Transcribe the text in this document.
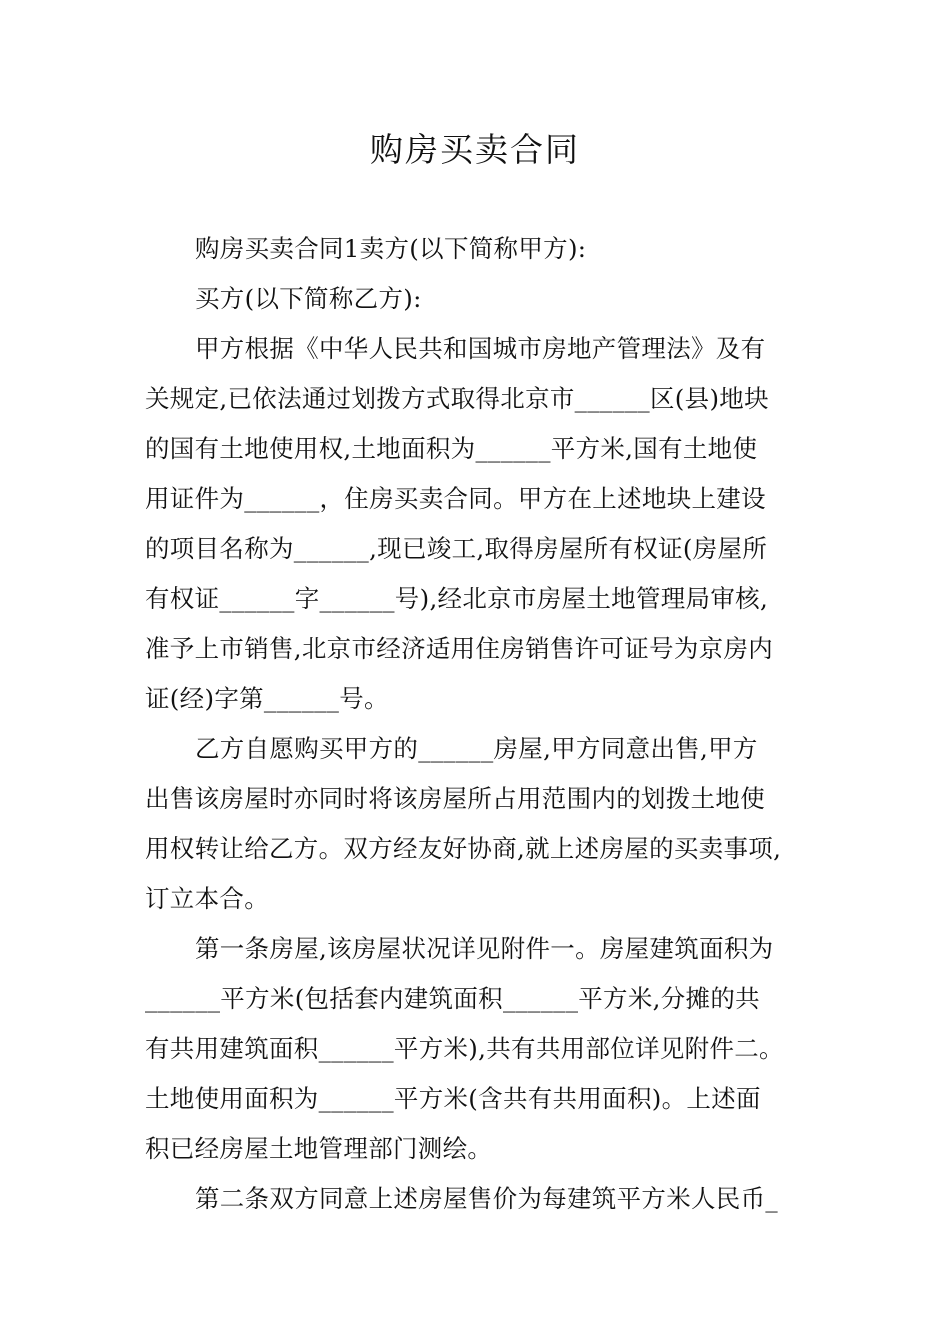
购房买卖合同
购房买卖合同1卖方(以下简称甲方):
买方(以下简称乙方):
甲方根据《中华人民共和国城市房地产管理法》及有
关规定,已依法通过划拨方式取得北京市______区(县)地块
的国有土地使用权,土地面积为______平方米,国有土地使
用证件为______，住房买卖合同。甲方在上述地块上建设
的项目名称为______,现已竣工,取得房屋所有权证(房屋所
有权证______字______号),经北京市房屋土地管理局审核,
准予上市销售,北京市经济适用住房销售许可证号为京房内
证(经)字第______号。
乙方自愿购买甲方的______房屋,甲方同意出售,甲方
出售该房屋时亦同时将该房屋所占用范围内的划拨土地使
用权转让给乙方。双方经友好协商,就上述房屋的买卖事项,
订立本合。
第一条房屋,该房屋状况详见附件一。房屋建筑面积为
______平方米(包括套内建筑面积______平方米,分摊的共
有共用建筑面积______平方米),共有共用部位详见附件二。
土地使用面积为______平方米(含共有共用面积)。上述面
积已经房屋土地管理部门测绘。
第二条双方同意上述房屋售价为每建筑平方米人民币_
